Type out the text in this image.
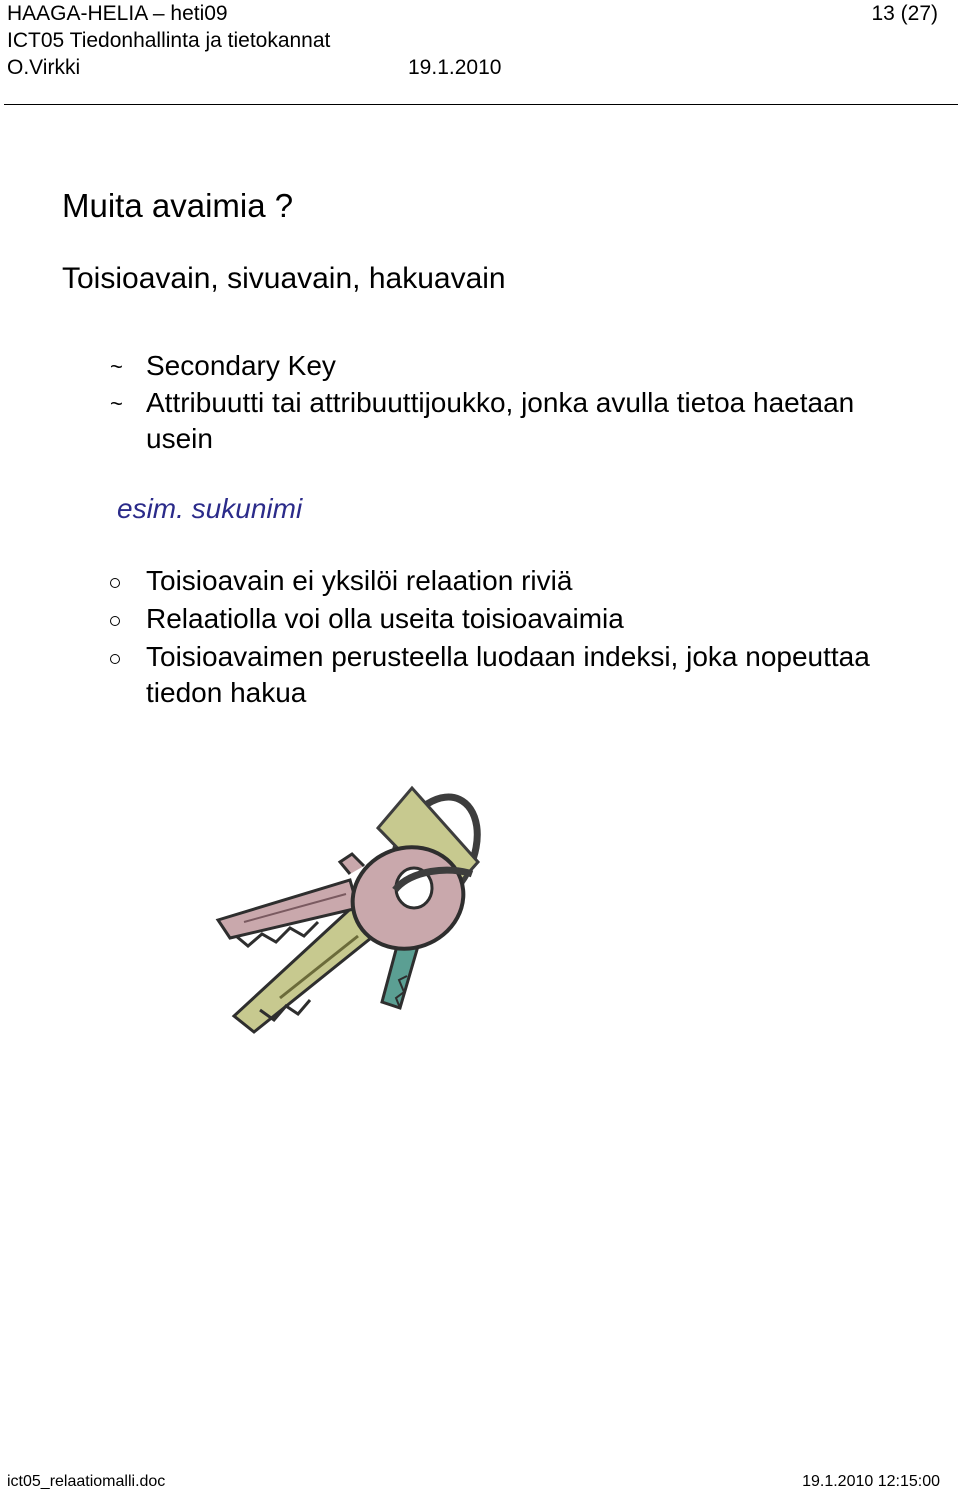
HAAGA-HELIA – heti09	13 (27)
ICT05 Tiedonhallinta ja tietokannat
O.Virkki	19.1.2010
Muita avaimia ?
Toisioavain, sivuavain, hakuavain
~ Secondary Key
~ Attribuutti tai attribuuttijoukko, jonka avulla tietoa haetaan
usein
esim. sukunimi
Toisioavain ei yksilöi relaation riviä
Relaatiolla voi olla useita toisioavaimia
Toisioavaimen perusteella luodaan indeksi, joka nopeuttaa
tiedon hakua
ict05_relaatiomalli.doc	19.1.2010 12:15:00
